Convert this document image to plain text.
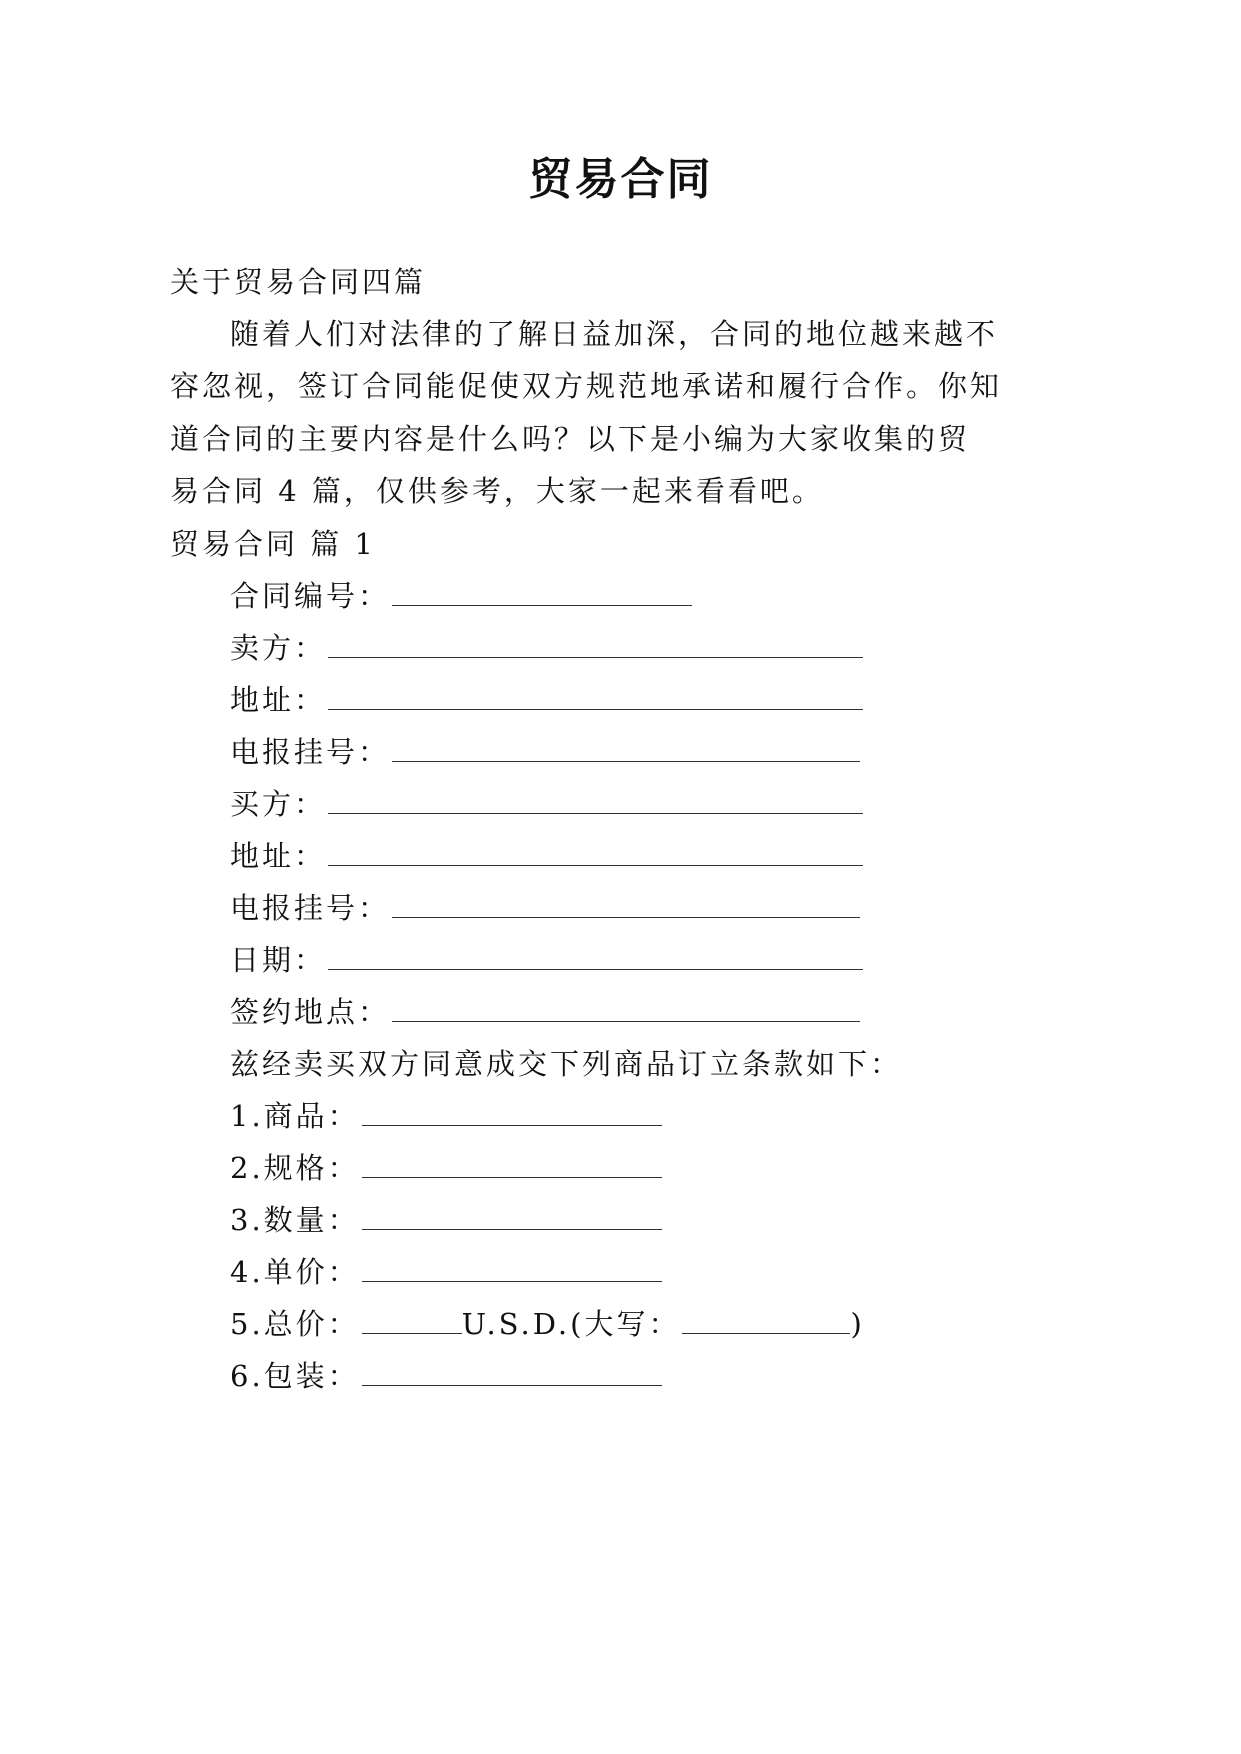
贸易合同
关于贸易合同四篇
随着人们对法律的了解日益加深，合同的地位越来越不
容忽视，签订合同能促使双方规范地承诺和履行合作。你知
道合同的主要内容是什么吗？以下是小编为大家收集的贸
易合同 4 篇，仅供参考，大家一起来看看吧。
贸易合同 篇 1
合同编号：
卖方：
地址：
电报挂号：
买方：
地址：
电报挂号：
日期：
签约地点：
兹经卖买双方同意成交下列商品订立条款如下：
1.商品：
2.规格：
3.数量：
4.单价：
5.总价：	U.S.D.(大写：	)
6.包装：
